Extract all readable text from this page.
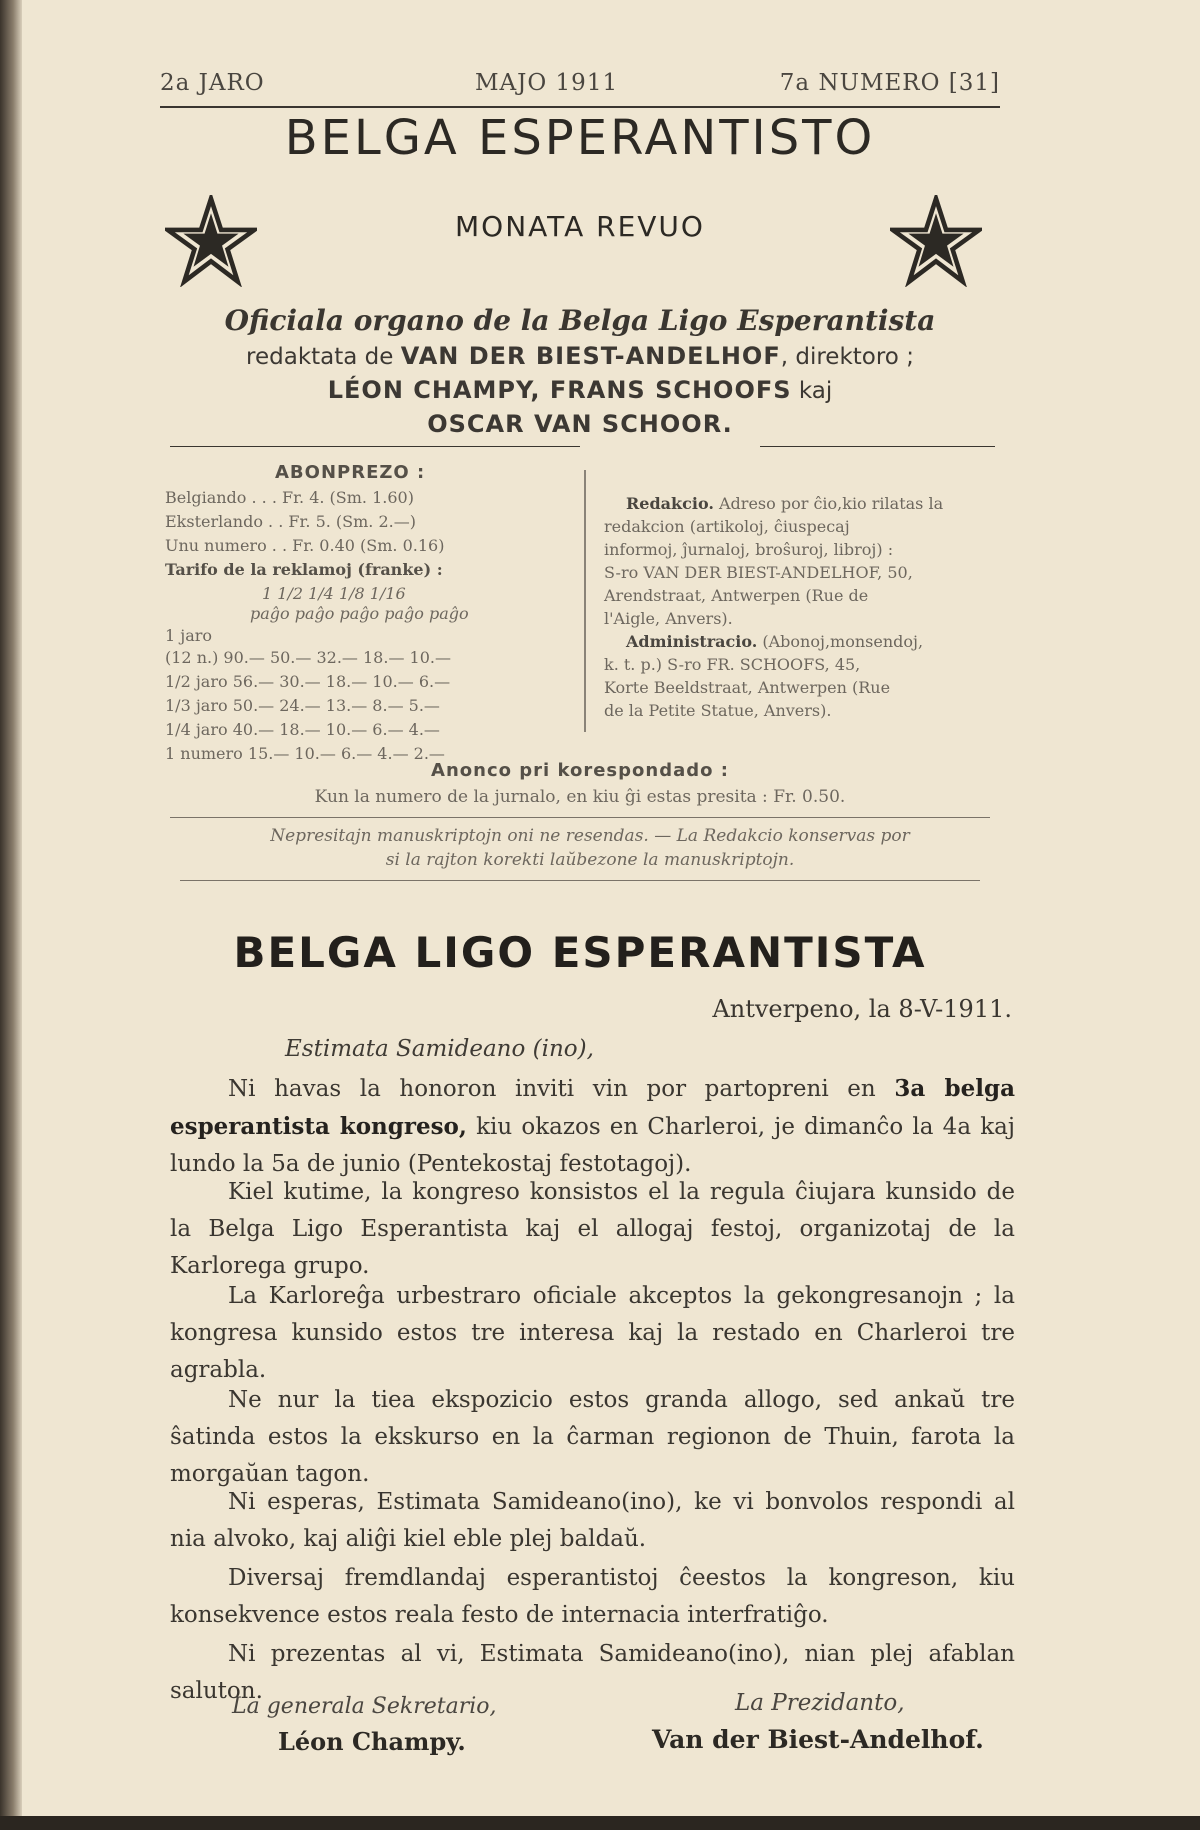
2a JARO	MAJO 1911	7a NUMERO [31]
BELGA ESPERANTISTO
MONATA REVUO
Oficiala organo de la Belga Ligo Esperantista
redaktata de VAN DER BIEST-ANDELHOF, direktoro ;
LÉON CHAMPY, FRANS SCHOOFS kaj
OSCAR VAN SCHOOR.
ABONPREZO :
Belgiando . . . Fr. 4. (Sm. 1.60)
Eksterlando . . Fr. 5. (Sm. 2.—)
Unu numero . . Fr. 0.40 (Sm. 0.16)
Tarifo de la reklamoj (franke) :
1 1/2 1/4 1/8 1/16
paĝo paĝo paĝo paĝo paĝo
1 jaro
(12 n.) 90.— 50.— 32.— 18.— 10.—
1/2 jaro 56.— 30.— 18.— 10.— 6.—
1/3 jaro 50.— 24.— 13.— 8.— 5.—
1/4 jaro 40.— 18.— 10.— 6.— 4.—
1 numero 15.— 10.— 6.— 4.— 2.—
Redakcio. Adreso por ĉio,kio rilatas la
redakcion (artikoloj, ĉiuspecaj
informoj, ĵurnaloj, broŝuroj, libroj) :
S-ro VAN DER BIEST-ANDELHOF, 50,
Arendstraat, Antwerpen (Rue de
l'Aigle, Anvers).
Administracio. (Abonoj,monsendoj,
k. t. p.) S-ro FR. SCHOOFS, 45,
Korte Beeldstraat, Antwerpen (Rue
de la Petite Statue, Anvers).
Anonco pri korespondado :
Kun la numero de la jurnalo, en kiu ĝi estas presita : Fr. 0.50.
Nepresitajn manuskriptojn oni ne resendas. — La Redakcio konservas por
si la rajton korekti laŭbezone la manuskriptojn.
BELGA LIGO ESPERANTISTA
Antverpeno, la 8-V-1911.
Estimata Samideano (ino),
Ni havas la honoron inviti vin por partopreni en 3a belga esperantista kongreso, kiu okazos en Charleroi, je dimanĉo la 4a kaj lundo la 5a de junio (Pentekostaj festotagoj).
Kiel kutime, la kongreso konsistos el la regula ĉiujara kunsido de la Belga Ligo Esperantista kaj el allogaj festoj, organizotaj de la Karlorega grupo.
La Karloreĝa urbestraro oficiale akceptos la gekongresanojn ; la kongresa kunsido estos tre interesa kaj la restado en Charleroi tre agrabla.
Ne nur la tiea ekspozicio estos granda allogo, sed ankaŭ tre ŝatinda estos la ekskurso en la ĉarman regionon de Thuin, farota la morgaŭan tagon.
Ni esperas, Estimata Samideano(ino), ke vi bonvolos respondi al nia alvoko, kaj aliĝi kiel eble plej baldaŭ.
Diversaj fremdlandaj esperantistoj ĉeestos la kongreson, kiu konsekvence estos reala festo de internacia interfratiĝo.
Ni prezentas al vi, Estimata Samideano(ino), nian plej afablan saluton.
La generala Sekretario,
Léon Champy.
La Prezidanto,
Van der Biest-Andelhof.
